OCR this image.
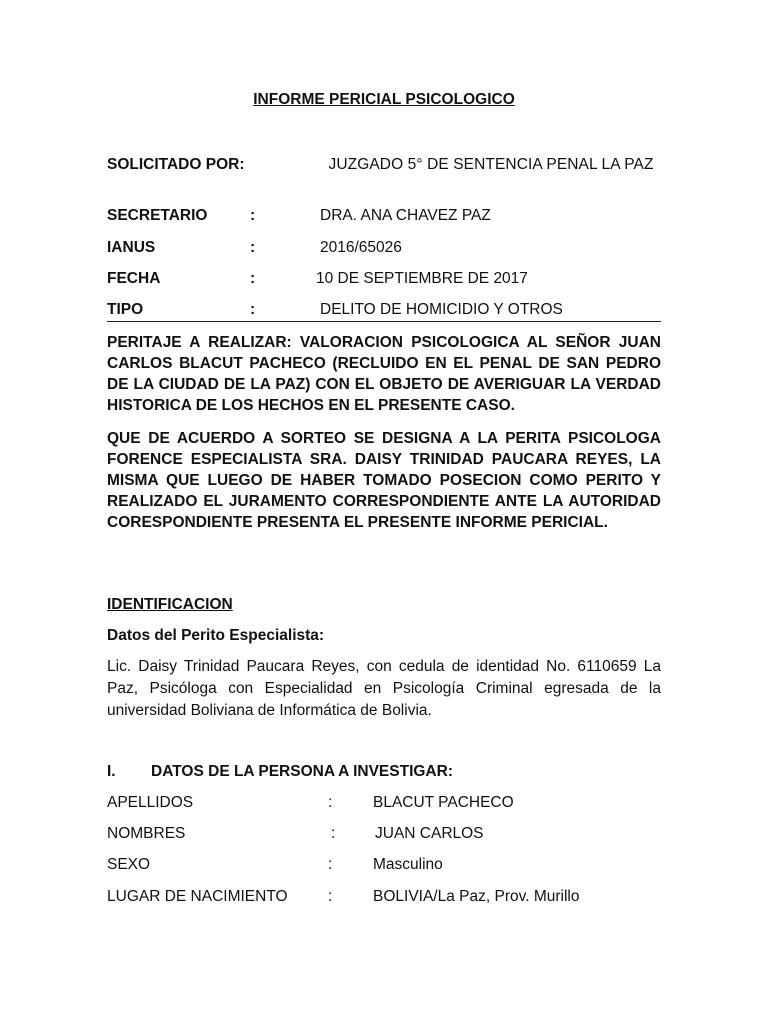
INFORME PERICIAL PSICOLOGICO
SOLICITADO POR:	JUZGADO 5° DE SENTENCIA PENAL LA PAZ
SECRETARIO	:	DRA. ANA CHAVEZ PAZ
IANUS	:	2016/65026
FECHA	:	10 DE SEPTIEMBRE DE 2017
TIPO	:	DELITO DE HOMICIDIO Y OTROS
PERITAJE A REALIZAR: VALORACION PSICOLOGICA AL SEÑOR JUAN CARLOS BLACUT PACHECO (RECLUIDO EN EL PENAL DE SAN PEDRO DE LA CIUDAD DE LA PAZ) CON EL OBJETO DE AVERIGUAR LA VERDAD HISTORICA DE LOS HECHOS EN EL PRESENTE CASO.
QUE DE ACUERDO A SORTEO SE DESIGNA A LA PERITA PSICOLOGA FORENCE ESPECIALISTA SRA. DAISY TRINIDAD PAUCARA REYES, LA MISMA QUE LUEGO DE HABER TOMADO POSECION COMO PERITO Y REALIZADO EL JURAMENTO CORRESPONDIENTE ANTE LA AUTORIDAD CORESPONDIENTE PRESENTA EL PRESENTE INFORME PERICIAL.
IDENTIFICACION
Datos del Perito Especialista:
Lic. Daisy Trinidad Paucara Reyes, con cedula de identidad No. 6110659 La Paz, Psicóloga con Especialidad en Psicología Criminal egresada de la universidad Boliviana de Informática de Bolivia.
I. DATOS DE LA PERSONA A INVESTIGAR:
APELLIDOS	:	BLACUT PACHECO
NOMBRES	:	JUAN CARLOS
SEXO	:	Masculino
LUGAR DE NACIMIENTO	:	BOLIVIA/La Paz, Prov. Murillo
